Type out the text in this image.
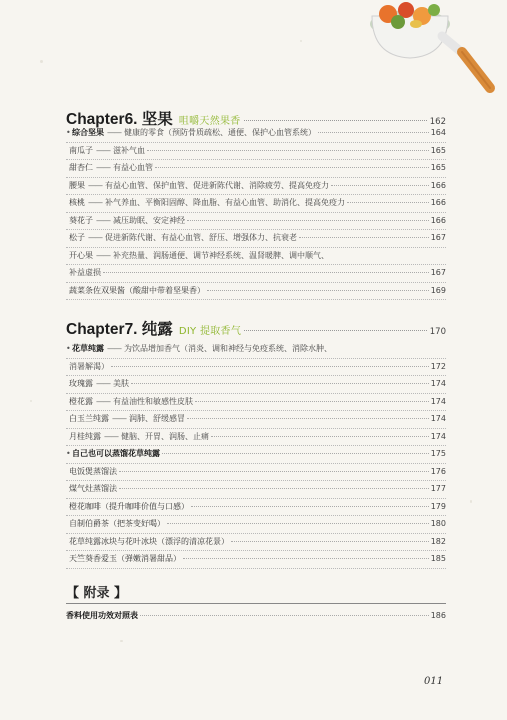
Chapter6. 坚果 咀嚼天然果香	162
• 综合坚果 —— 健康的零食（预防骨质疏松、通便、保护心血管系统）	164
南瓜子 —— 滋补气血	165
甜杏仁 —— 有益心血管	165
腰果 —— 有益心血管、保护血管、促进新陈代谢、消除疲劳、提高免疫力	166
核桃 —— 补气养血、平衡阳固醇、降血脂、有益心血管、助消化、提高免疫力	166
葵花子 —— 减压助眠、安定神经	166
松子 —— 促进新陈代谢、有益心血管、舒压、增强体力、抗衰老	167
开心果 —— 补充热量、润肠通便、调节神经系统、温肾暖脾、调中顺气、
补益虚损	167
蔬菜条佐双果酱（酸甜中带着坚果香）	169
Chapter7. 纯露 DIY 提取香气	170
• 花草纯露 —— 为饮品增加香气（消炎、调和神经与免疫系统、消除水肿、
消暑解渴）	172
玫瑰露 —— 美肤	174
橙花露 —— 有益油性和敏感性皮肤	174
白玉兰纯露 —— 润肺、舒缓感冒	174
月桂纯露 —— 健脑、开胃、润肠、止痛	174
• 自己也可以蒸馏花草纯露	175
电饭煲蒸馏法	176
煤气灶蒸馏法	177
橙花咖啡（提升咖啡价值与口感）	179
自制伯爵茶（把茶变好喝）	180
花草纯露冰块与花叶冰块（漂浮的清凉花景）	182
天竺葵香爱玉（弹嫩消暑甜品）	185
【 附录 】
香料使用功效对照表	186
011
